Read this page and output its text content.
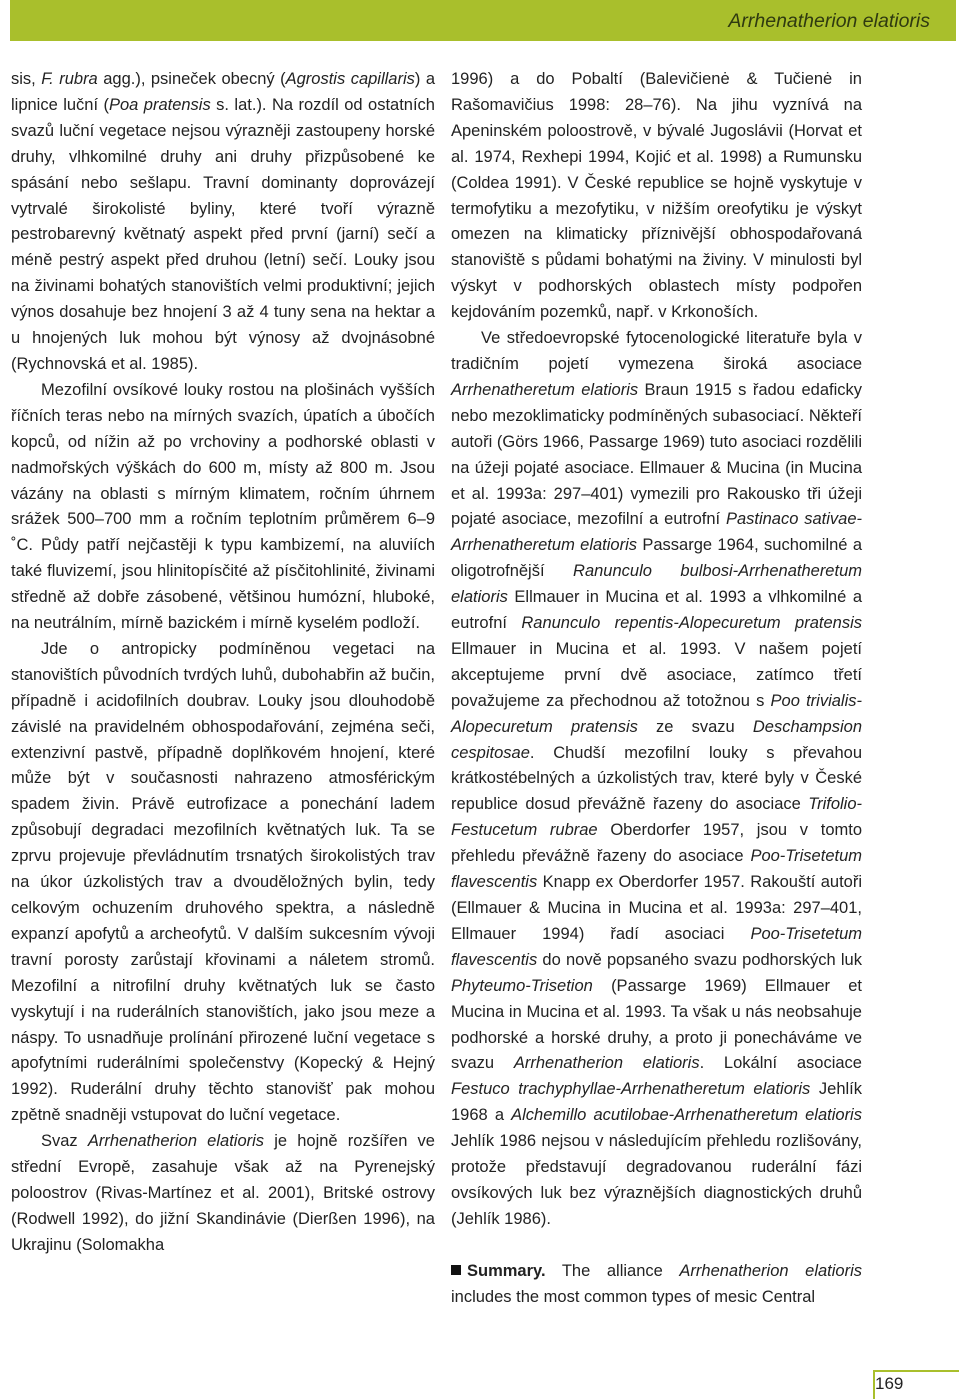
Arrhenatherion elatioris

sis, F. rubra agg.), psineček obecný (Agrostis capillaris) a lipnice luční (Poa pratensis s. lat.). Na rozdíl od ostatních svazů luční vegetace nejsou výrazněji zastoupeny horské druhy, vlhkomilné druhy ani druhy přizpůsobené ke spásání nebo sešlapu. Travní dominanty doprovázejí vytrvalé širokolisté byliny, které tvoří výrazně pestrobarevný květnatý aspekt před první (jarní) sečí a méně pestrý aspekt před druhou (letní) sečí. Louky jsou na živinami bohatých stanovištích velmi produktivní; jejich výnos dosahuje bez hnojení 3 až 4 tuny sena na hektar a u hnojených luk mohou být výnosy až dvojnásobné (Rychnovská et al. 1985).

Mezofilní ovsíkové louky rostou na plošinách vyšších říčních teras nebo na mírných svazích, úpatích a úbočích kopců, od nížin až po vrchoviny a podhorské oblasti v nadmořských výškách do 600 m, místy až 800 m. Jsou vázány na oblasti s mírným klimatem, ročním úhrnem srážek 500–700 mm a ročním teplotním průměrem 6–9 ˚C. Půdy patří nejčastěji k typu kambizemí, na aluviích také fluvizemí, jsou hlinitopísčité až písčitohlinité, živinami středně až dobře zásobené, většinou humózní, hluboké, na neutrálním, mírně bazickém i mírně kyselém podloží.

Jde o antropicky podmíněnou vegetaci na stanovištích původních tvrdých luhů, dubohabřin až bučin, případně i acidofilních doubrav. Louky jsou dlouhodobě závislé na pravidelném obhospodařování, zejména seči, extenzivní pastvě, případně doplňkovém hnojení, které může být v současnosti nahrazeno atmosférickým spadem živin. Právě eutrofizace a ponechání ladem způsobují degradaci mezofilních květnatých luk. Ta se zprvu projevuje převládnutím trsnatých širokolistých trav na úkor úzkolistých trav a dvouděložných bylin, tedy celkovým ochuzením druhového spektra, a následně expanzí apofytů a archeofytů. V dalším sukcesním vývoji travní porosty zarůstají křovinami a náletem stromů. Mezofilní a nitrofilní druhy květnatých luk se často vyskytují i na ruderálních stanovištích, jako jsou meze a náspy. To usnadňuje prolínání přirozené luční vegetace s apofytními ruderálními společenstvy (Kopecký & Hejný 1992). Ruderální druhy těchto stanovišť pak mohou zpětně snadněji vstupovat do luční vegetace.

Svaz Arrhenatherion elatioris je hojně rozšířen ve střední Evropě, zasahuje však až na Pyrenejský poloostrov (Rivas-Martínez et al. 2001), Britské ostrovy (Rodwell 1992), do jižní Skandinávie (Dierßen 1996), na Ukrajinu (Solomakha

1996) a do Pobaltí (Balevičienė & Tučienė in Rašomavičius 1998: 28–76). Na jihu vyznívá na Apeninském poloostrově, v bývalé Jugoslávii (Horvat et al. 1974, Rexhepi 1994, Kojić et al. 1998) a Rumunsku (Coldea 1991). V České republice se hojně vyskytuje v termofytiku a mezofytiku, v nižším oreofytiku je výskyt omezen na klimaticky příznivější obhospodařovaná stanoviště s půdami bohatými na živiny. V minulosti byl výskyt v podhorských oblastech místy podpořen kejdováním pozemků, např. v Krkonoších.

Ve středoevropské fytocenologické literatuře byla v tradičním pojetí vymezena široká asociace Arrhenatheretum elatioris Braun 1915 s řadou edaficky nebo mezoklimaticky podmíněných subasociací. Někteří autoři (Görs 1966, Passarge 1969) tuto asociaci rozdělili na úžeji pojaté asociace. Ellmauer & Mucina (in Mucina et al. 1993a: 297–401) vymezili pro Rakousko tři úžeji pojaté asociace, mezofilní a eutrofní Pastinaco sativae-Arrhenatheretum elatioris Passarge 1964, suchomilné a oligotrofnější Ranunculo bulbosi-Arrhenatheretum elatioris Ellmauer in Mucina et al. 1993 a vlhkomilné a eutrofní Ranunculo repentis-Alopecuretum pratensis Ellmauer in Mucina et al. 1993. V našem pojetí akceptujeme první dvě asociace, zatímco třetí považujeme za přechodnou až totožnou s Poo trivialis-Alopecuretum pratensis ze svazu Deschampsion cespitosae. Chudší mezofilní louky s převahou krátkostébelných a úzkolistých trav, které byly v České republice dosud převážně řazeny do asociace Trifolio-Festucetum rubrae Oberdorfer 1957, jsou v tomto přehledu převážně řazeny do asociace Poo-Trisetetum flavescentis Knapp ex Oberdorfer 1957. Rakouští autoři (Ellmauer & Mucina in Mucina et al. 1993a: 297–401, Ellmauer 1994) řadí asociaci Poo-Trisetetum flavescentis do nově popsaného svazu podhorských luk Phyteumo-Trisetion (Passarge 1969) Ellmauer et Mucina in Mucina et al. 1993. Ta však u nás neobsahuje podhorské a horské druhy, a proto ji ponecháváme ve svazu Arrhenatherion elatioris. Lokální asociace Festuco trachyphyllae-Arrhenatheretum elatioris Jehlík 1968 a Alchemillo acutilobae-Arrhenatheretum elatioris Jehlík 1986 nejsou v následujícím přehledu rozlišovány, protože představují degradovanou ruderální fázi ovsíkových luk bez výraznějších diagnostických druhů (Jehlík 1986).

Summary. The alliance Arrhenatherion elatioris includes the most common types of mesic Central

169
